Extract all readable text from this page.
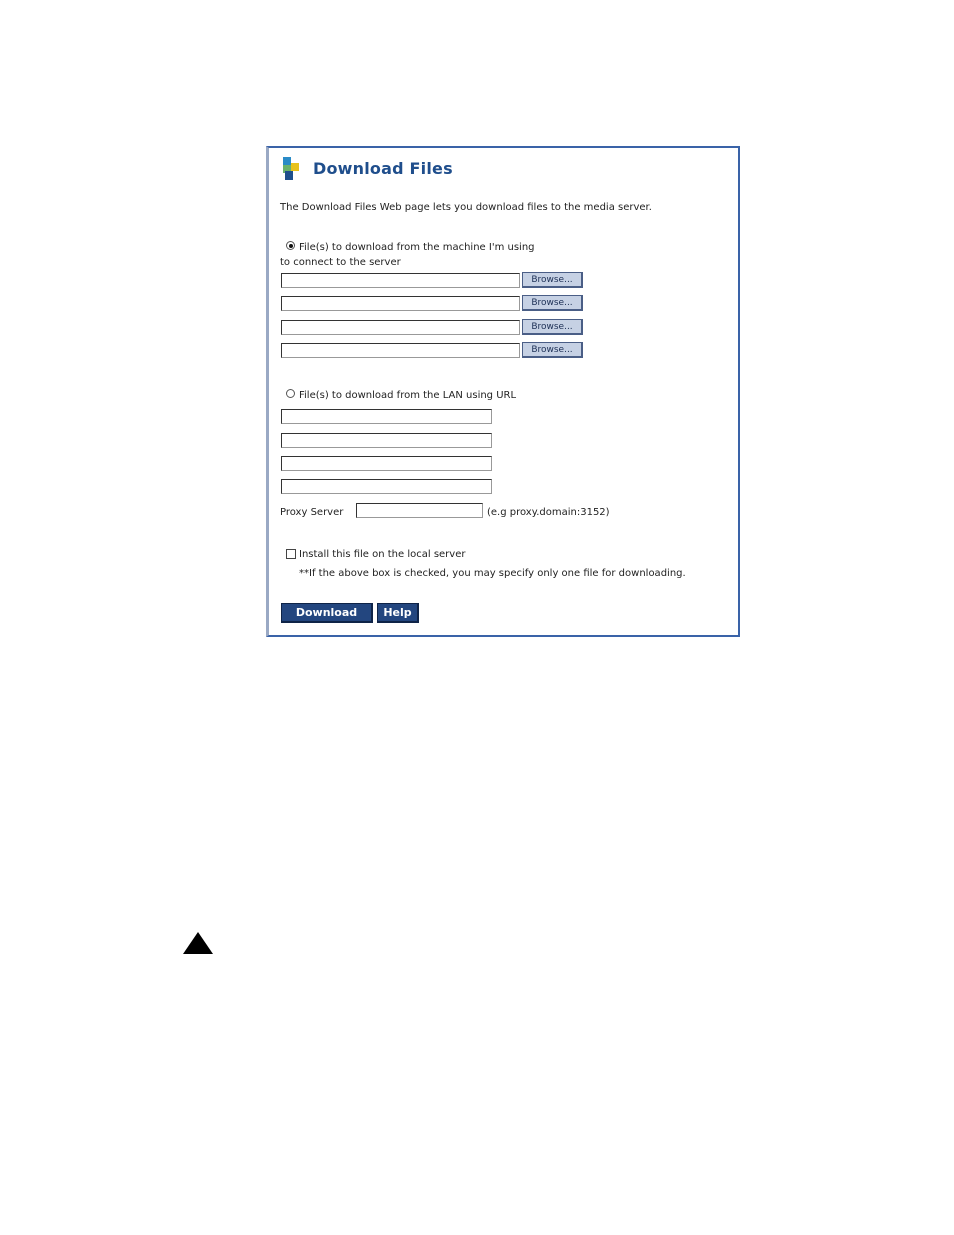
Download Files
The Download Files Web page lets you download files to the media server.
File(s) to download from the machine I'm using
to connect to the server
Browse...
Browse...
Browse...
Browse...
File(s) to download from the LAN using URL
Proxy Server	(e.g proxy.domain:3152)
Install this file on the local server
**If the above box is checked, you may specify only one file for downloading.
Download	Help
